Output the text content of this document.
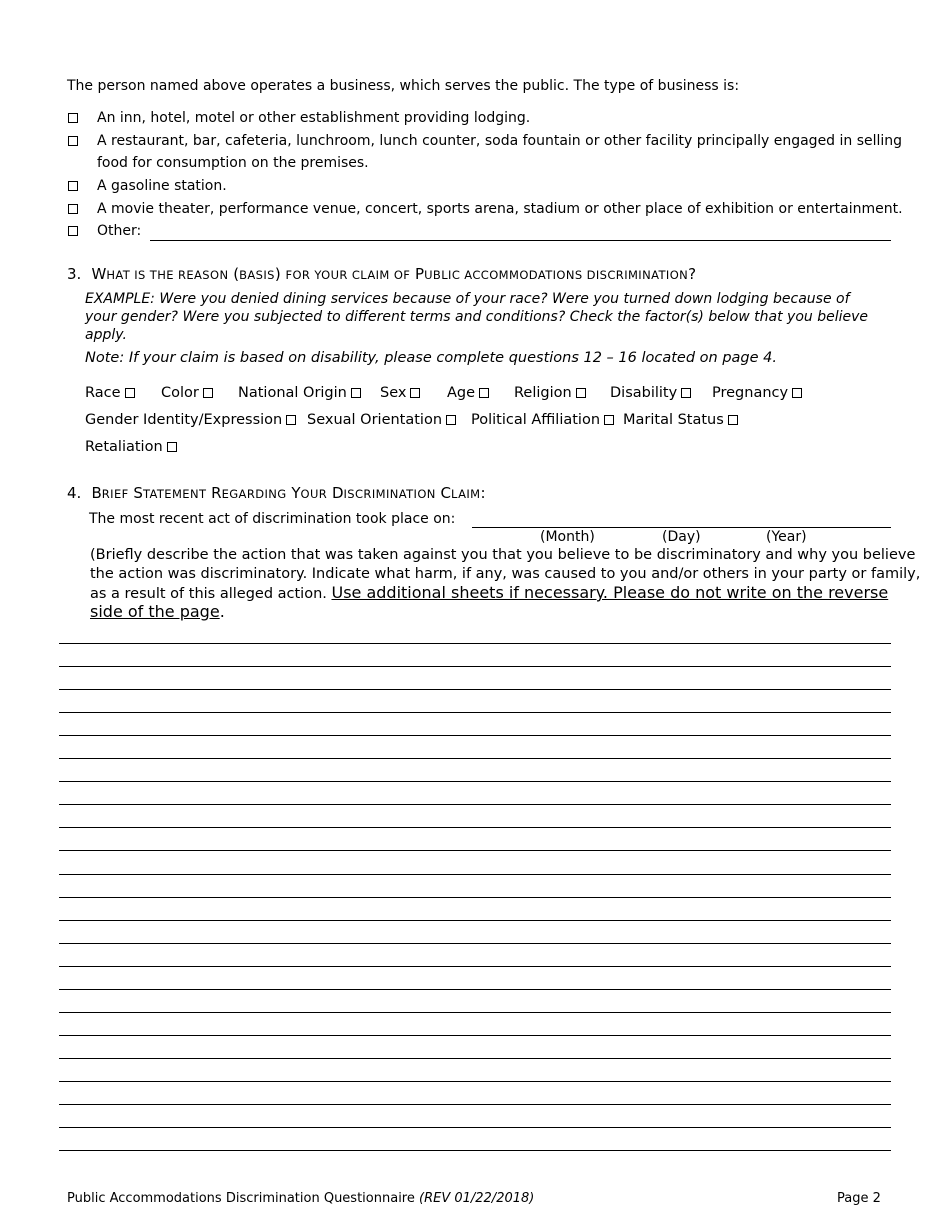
The person named above operates a business, which serves the public. The type of business is:
An inn, hotel, motel or other establishment providing lodging.
A restaurant, bar, cafeteria, lunchroom, lunch counter, soda fountain or other facility principally engaged in selling
food for consumption on the premises.
A gasoline station.
A movie theater, performance venue, concert, sports arena, stadium or other place of exhibition or entertainment.
Other:
3. WHAT IS THE REASON (BASIS) FOR YOUR CLAIM OF PUBLIC ACCOMMODATIONS DISCRIMINATION?
EXAMPLE: Were you denied dining services because of your race? Were you turned down lodging because of
your gender? Were you subjected to different terms and conditions? Check the factor(s) below that you believe
apply.
Note: If your claim is based on disability, please complete questions 12 – 16 located on page 4.
Race	Color	National Origin	Sex	Age	Religion	Disability	Pregnancy
Gender Identity/Expression	Sexual Orientation	Political Affiliation	Marital Status
Retaliation
4. BRIEF STATEMENT REGARDING YOUR DISCRIMINATION CLAIM:
The most recent act of discrimination took place on:
(Month)	(Day)	(Year)
(Briefly describe the action that was taken against you that you believe to be discriminatory and why you believe
the action was discriminatory. Indicate what harm, if any, was caused to you and/or others in your party or family,
as a result of this alleged action. Use additional sheets if necessary. Please do not write on the reverse
side of the page.
Public Accommodations Discrimination Questionnaire (REV 01/22/2018)	Page 2
